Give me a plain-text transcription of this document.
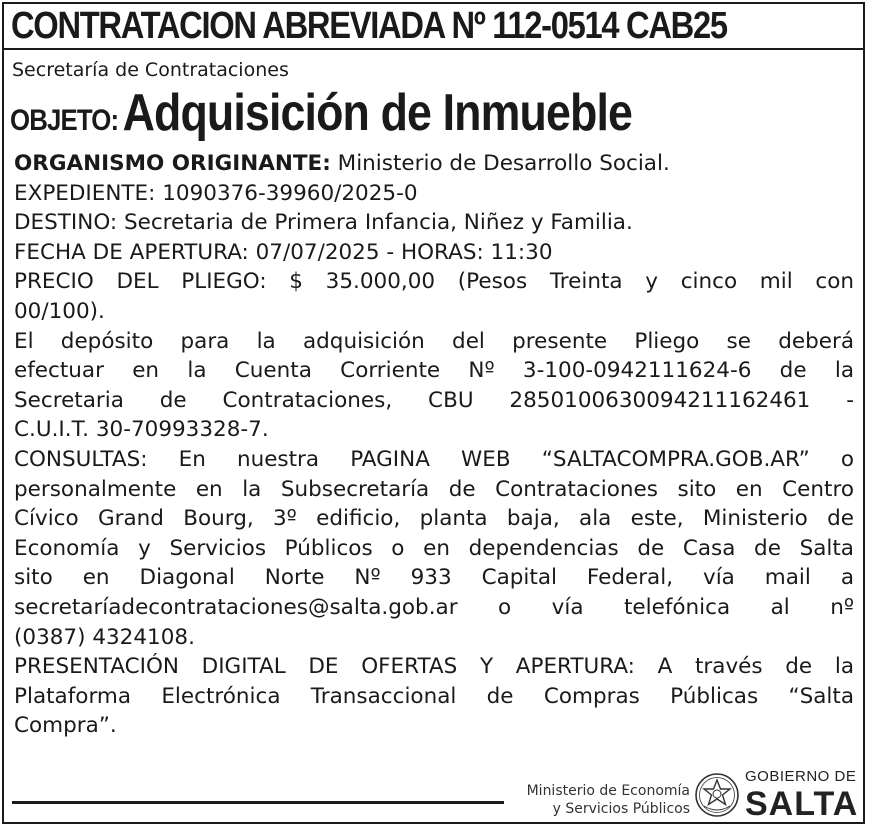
CONTRATACION ABREVIADA Nº 112-0514 CAB25
Secretaría de Contrataciones
OBJETO: Adquisición de Inmueble
ORGANISMO ORIGINANTE: Ministerio de Desarrollo Social.
EXPEDIENTE: 1090376-39960/2025-0
DESTINO: Secretaria de Primera Infancia, Niñez y Familia.
FECHA DE APERTURA: 07/07/2025 - HORAS: 11:30
PRECIO DEL PLIEGO: $ 35.000,00 (Pesos Treinta y cinco mil con
00/100).
El depósito para la adquisición del presente Pliego se deberá
efectuar en la Cuenta Corriente Nº 3-100-0942111624-6 de la
Secretaria de Contrataciones, CBU 2850100630094211162461 -
C.U.I.T. 30-70993328-7.
CONSULTAS: En nuestra PAGINA WEB “SALTACOMPRA.GOB.AR” o
personalmente en la Subsecretaría de Contrataciones sito en Centro
Cívico Grand Bourg, 3º edificio, planta baja, ala este, Ministerio de
Economía y Servicios Públicos o en dependencias de Casa de Salta
sito en Diagonal Norte Nº 933 Capital Federal, vía mail a
secretaríadecontrataciones@salta.gob.ar o vía telefónica al nº
(0387) 4324108.
PRESENTACIÓN DIGITAL DE OFERTAS Y APERTURA: A través de la
Plataforma Electrónica Transaccional de Compras Públicas “Salta
Compra”.
Ministerio de Economía
y Servicios Públicos
GOBIERNO DE
SALTA
